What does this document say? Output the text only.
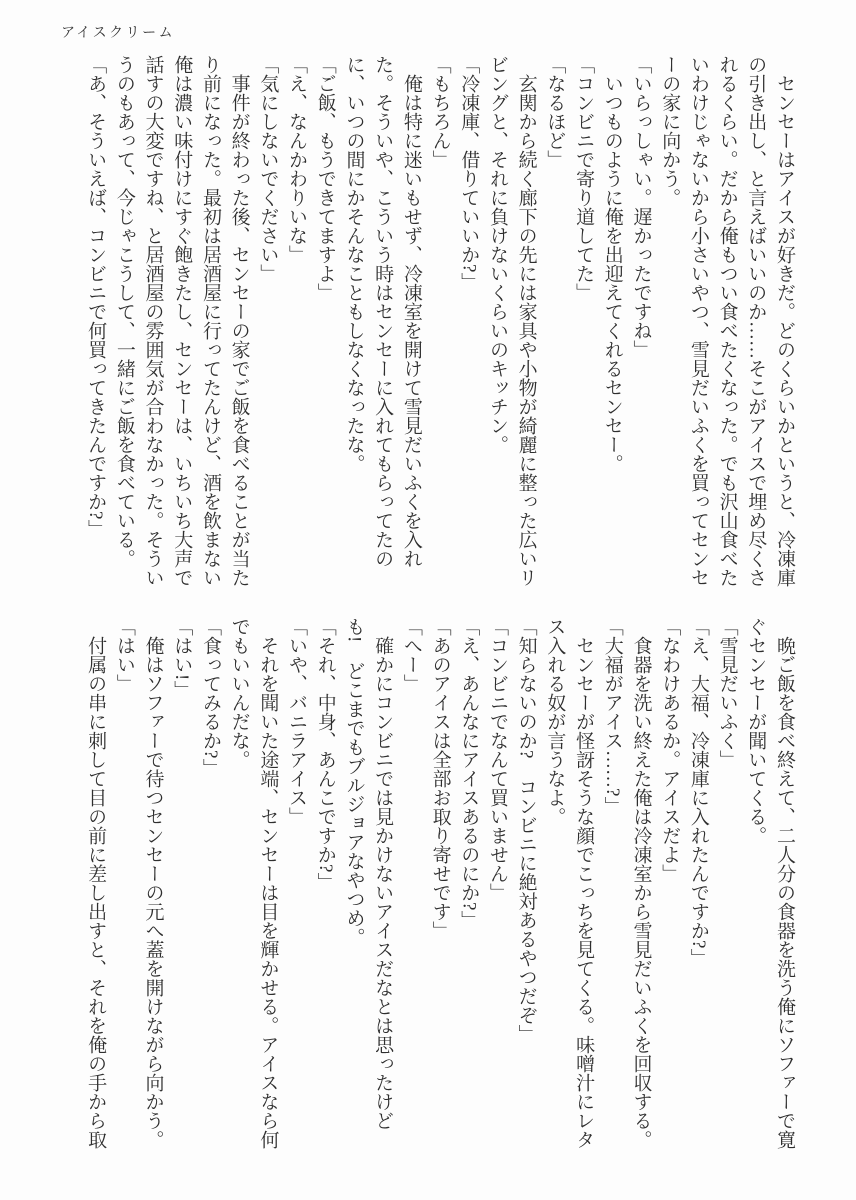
アイスクリーム
　センセーはアイスが好きだ。どのくらいかというと、冷凍庫
の引き出し、と言えばいいのか……そこがアイスで埋め尽くさ
れるくらい。だから俺もつい食べたくなった。でも沢山食べた
いわけじゃないから小さいやつ、雪見だいふくを買ってセンセ
ーの家に向かう。
「いらっしゃい。遅かったですね」
　いつものように俺を出迎えてくれるセンセー。
「コンビニで寄り道してた」
「なるほど」
　玄関から続く廊下の先には家具や小物が綺麗に整った広いリ
ビングと、それに負けないくらいのキッチン。
「冷凍庫、借りていいか?」
「もちろん」
　俺は特に迷いもせず、冷凍室を開けて雪見だいふくを入れ
た。そういや、こういう時はセンセーに入れてもらってたの
に、いつの間にかそんなこともしなくなったな。
「ご飯、もうできてますよ」
「え、なんかわりいな」
「気にしないでください」
　事件が終わった後、センセーの家でご飯を食べることが当た
り前になった。最初は居酒屋に行ってたんけど、酒を飲まない
俺は濃い味付けにすぐ飽きたし、センセーは、いちいち大声で
話すの大変ですね、と居酒屋の雰囲気が合わなかった。そうい
うのもあって、今じゃこうして、一緒にご飯を食べている。
「あ、そういえば、コンビニで何買ってきたんですか?」
　晩ご飯を食べ終えて、二人分の食器を洗う俺にソファーで寛
ぐセンセーが聞いてくる。
「雪見だいふく」
「え、大福、冷凍庫に入れたんですか?」
「なわけあるか。アイスだよ」
　食器を洗い終えた俺は冷凍室から雪見だいふくを回収する。
「大福がアイス……?」
　センセーが怪訝そうな顔でこっちを見てくる。味噌汁にレタ
ス入れる奴が言うなよ。
「知らないのか?　コンビニに絶対あるやつだぞ」
「コンビニでなんて買いません」
「え、あんなにアイスあるのにか?」
「あのアイスは全部お取り寄せです」
「へー」
　確かにコンビニでは見かけないアイスだなとは思ったけど
も!　どこまでもブルジョアなやつめ。
「それ、中身、あんこですか?」
「いや、バニラアイス」
　それを聞いた途端、センセーは目を輝かせる。アイスなら何
でもいいんだな。
「食ってみるか?」
「はい!」
　俺はソファーで待つセンセーの元へ蓋を開けながら向かう。
「はい」
　付属の串に刺して目の前に差し出すと、それを俺の手から取
